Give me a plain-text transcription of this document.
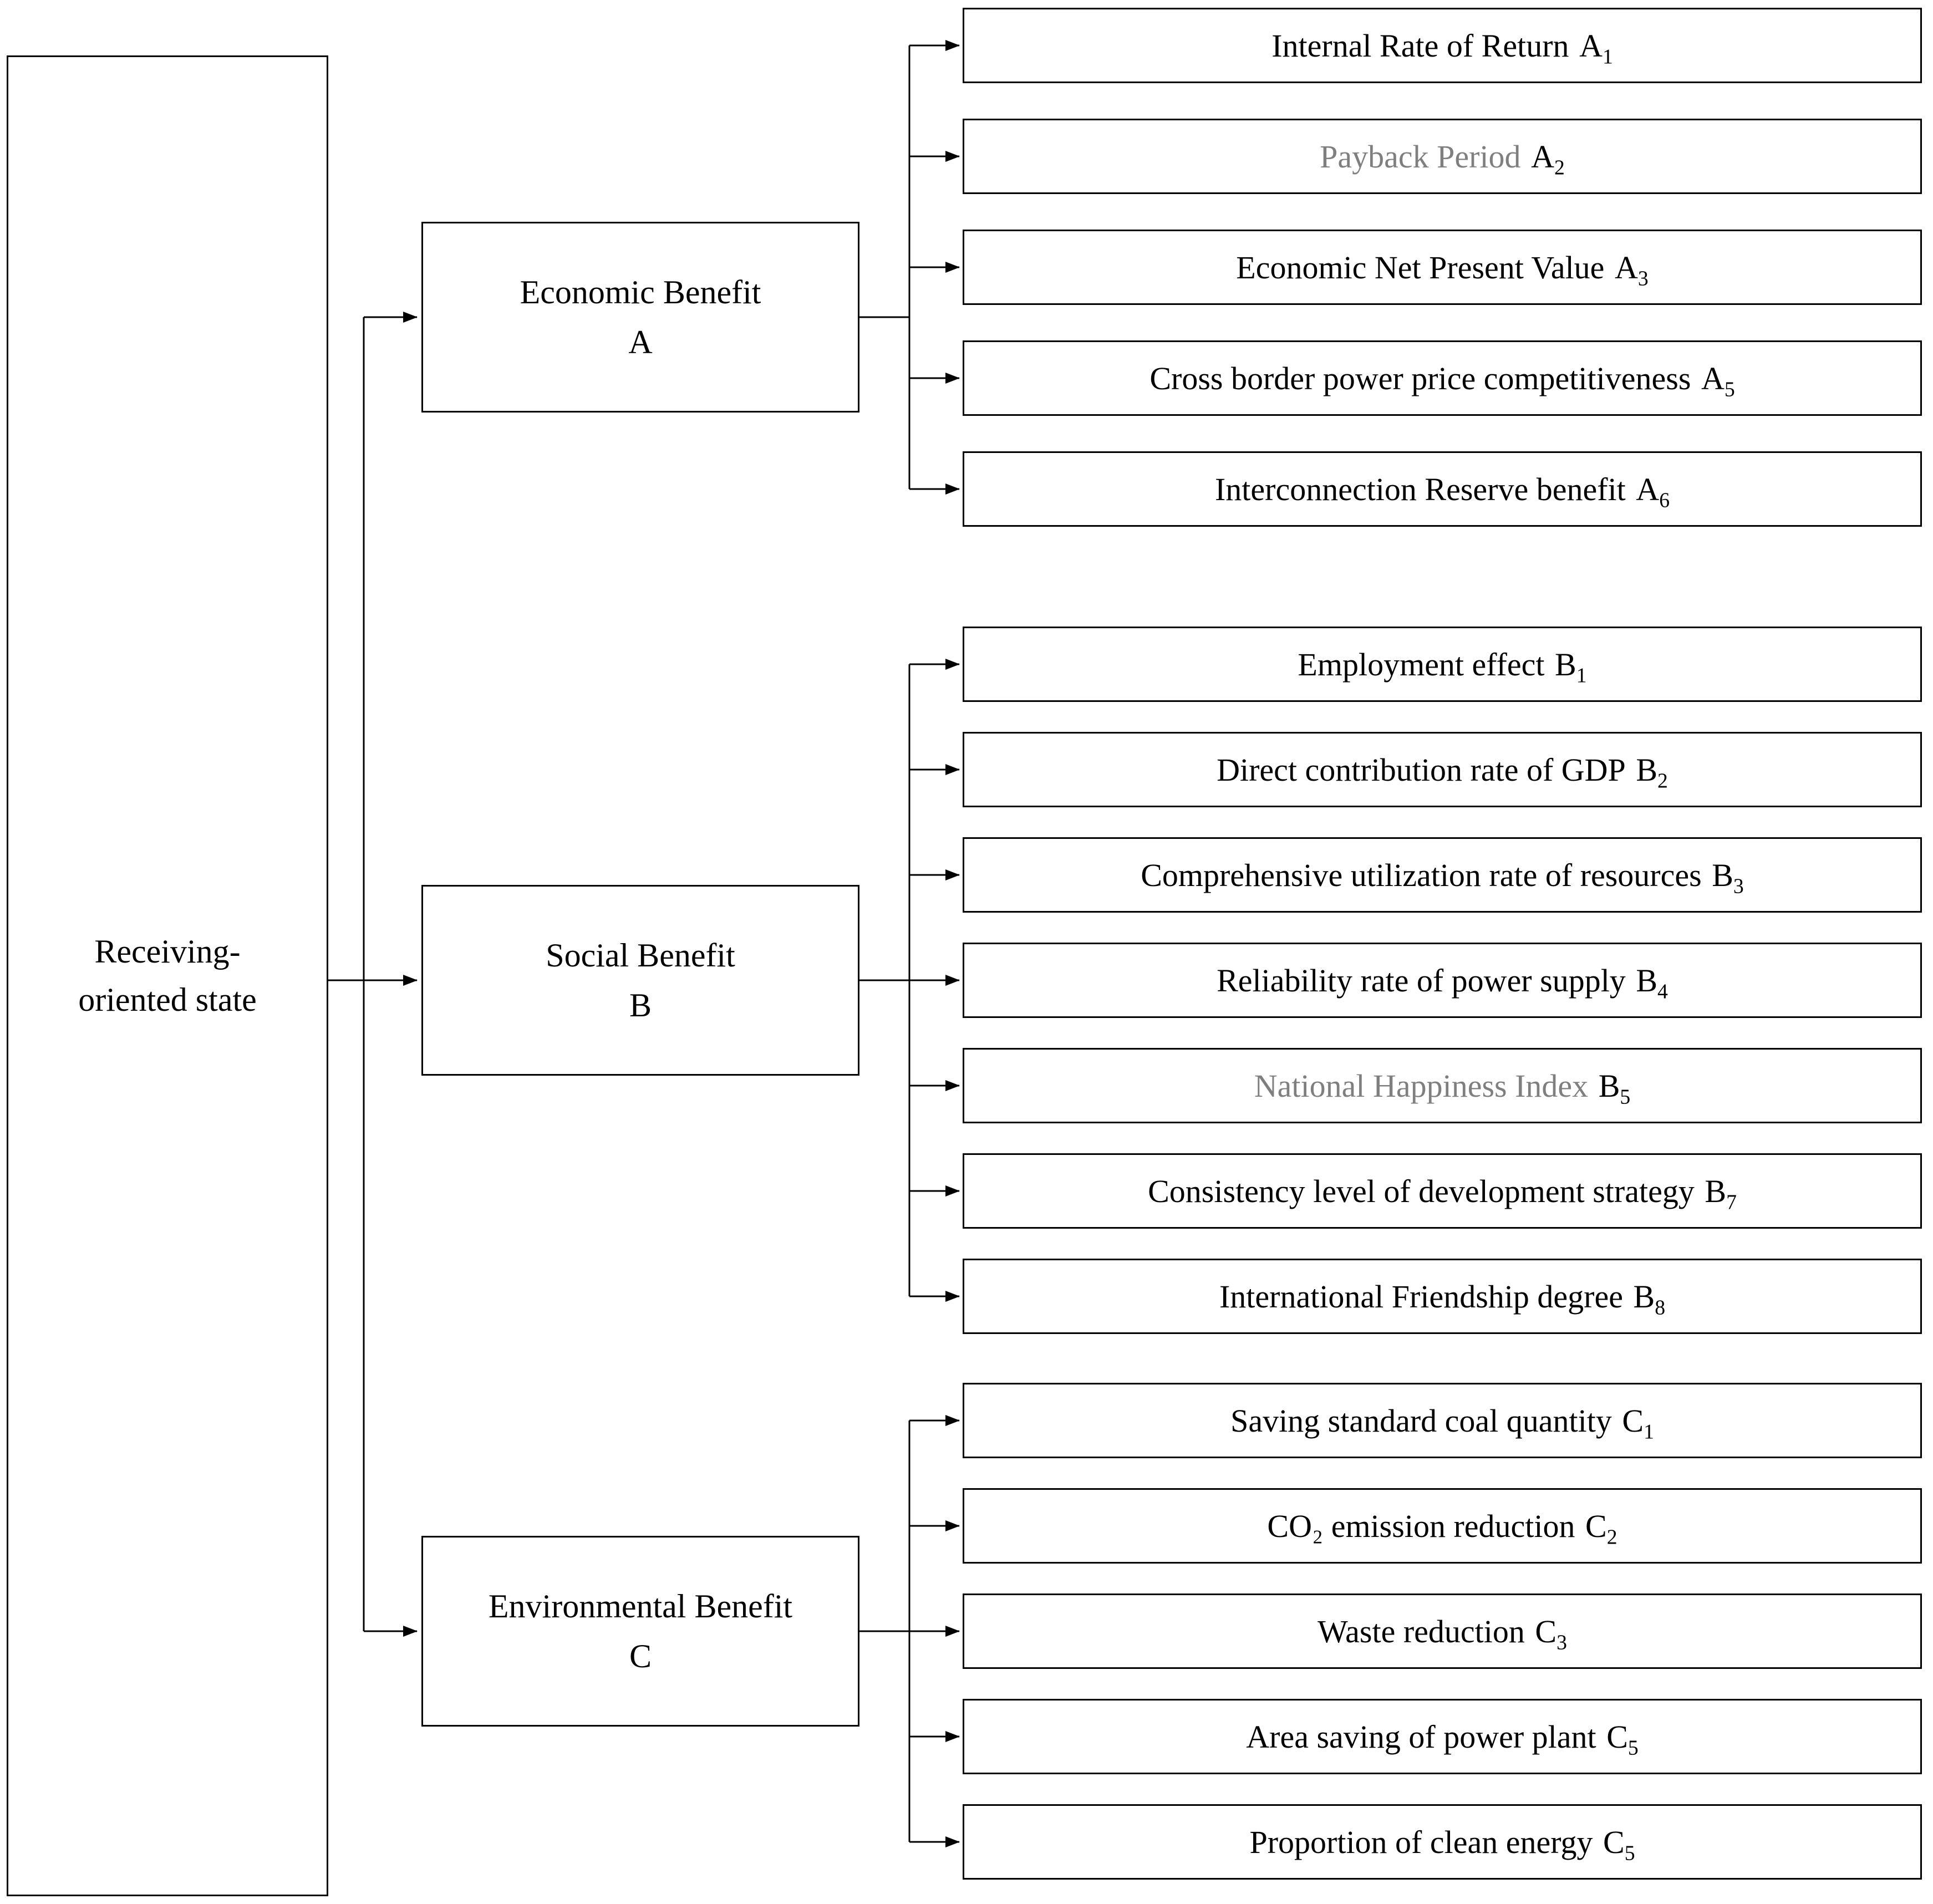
Receiving-
oriented state
Economic Benefit
A
Social Benefit
B
Environmental Benefit
C
Internal Rate of Return $A_1$
Payback Period $A_2$
Economic Net Present Value $A_3$
Cross border power price competitiveness $A_5$
Interconnection Reserve benefit $A_6$
Employment effect $B_1$
Direct contribution rate of GDP $B_2$
Comprehensive utilization rate of resources $B_3$
Reliability rate of power supply $B_4$
National Happiness Index $B_5$
Consistency level of development strategy $B_7$
International Friendship degree $B_8$
Saving standard coal quantity $C_1$
CO₂ emission reduction $C_2$
Waste reduction $C_3$
Area saving of power plant $C_5$
Proportion of clean energy $C_5$
